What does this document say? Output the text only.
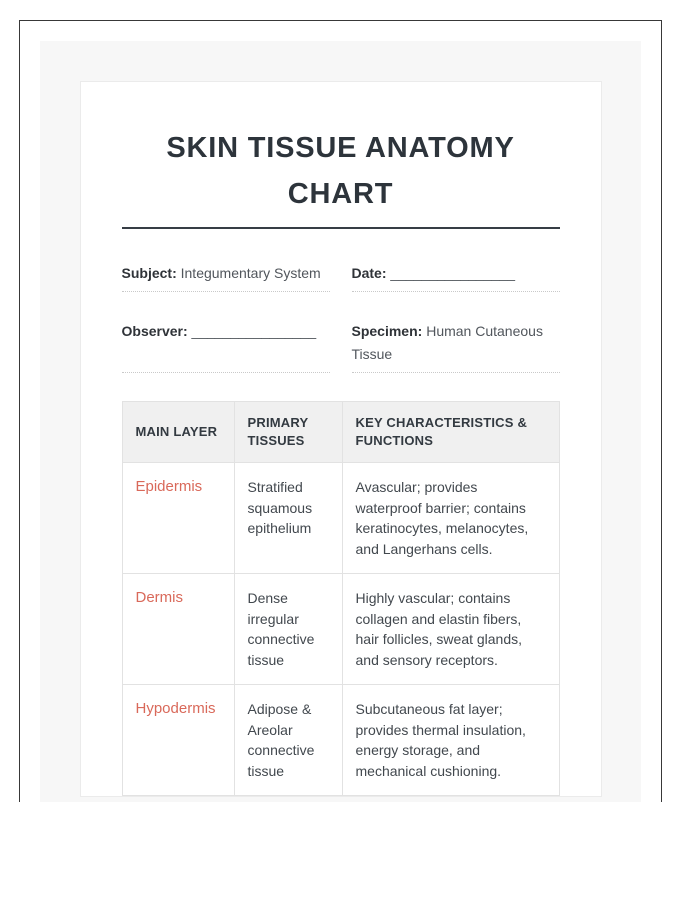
SKIN TISSUE ANATOMY CHART
Subject: Integumentary System	Date: ________________
Observer: ________________	Specimen: Human Cutaneous Tissue
MAIN LAYER	PRIMARY TISSUES	KEY CHARACTERISTICS & FUNCTIONS
Epidermis	Stratified squamous epithelium	Avascular; provides waterproof barrier; contains keratinocytes, melanocytes, and Langerhans cells.
Dermis	Dense irregular connective tissue	Highly vascular; contains collagen and elastin fibers, hair follicles, sweat glands, and sensory receptors.
Hypodermis	Adipose & Areolar connective tissue	Subcutaneous fat layer; provides thermal insulation, energy storage, and mechanical cushioning.
